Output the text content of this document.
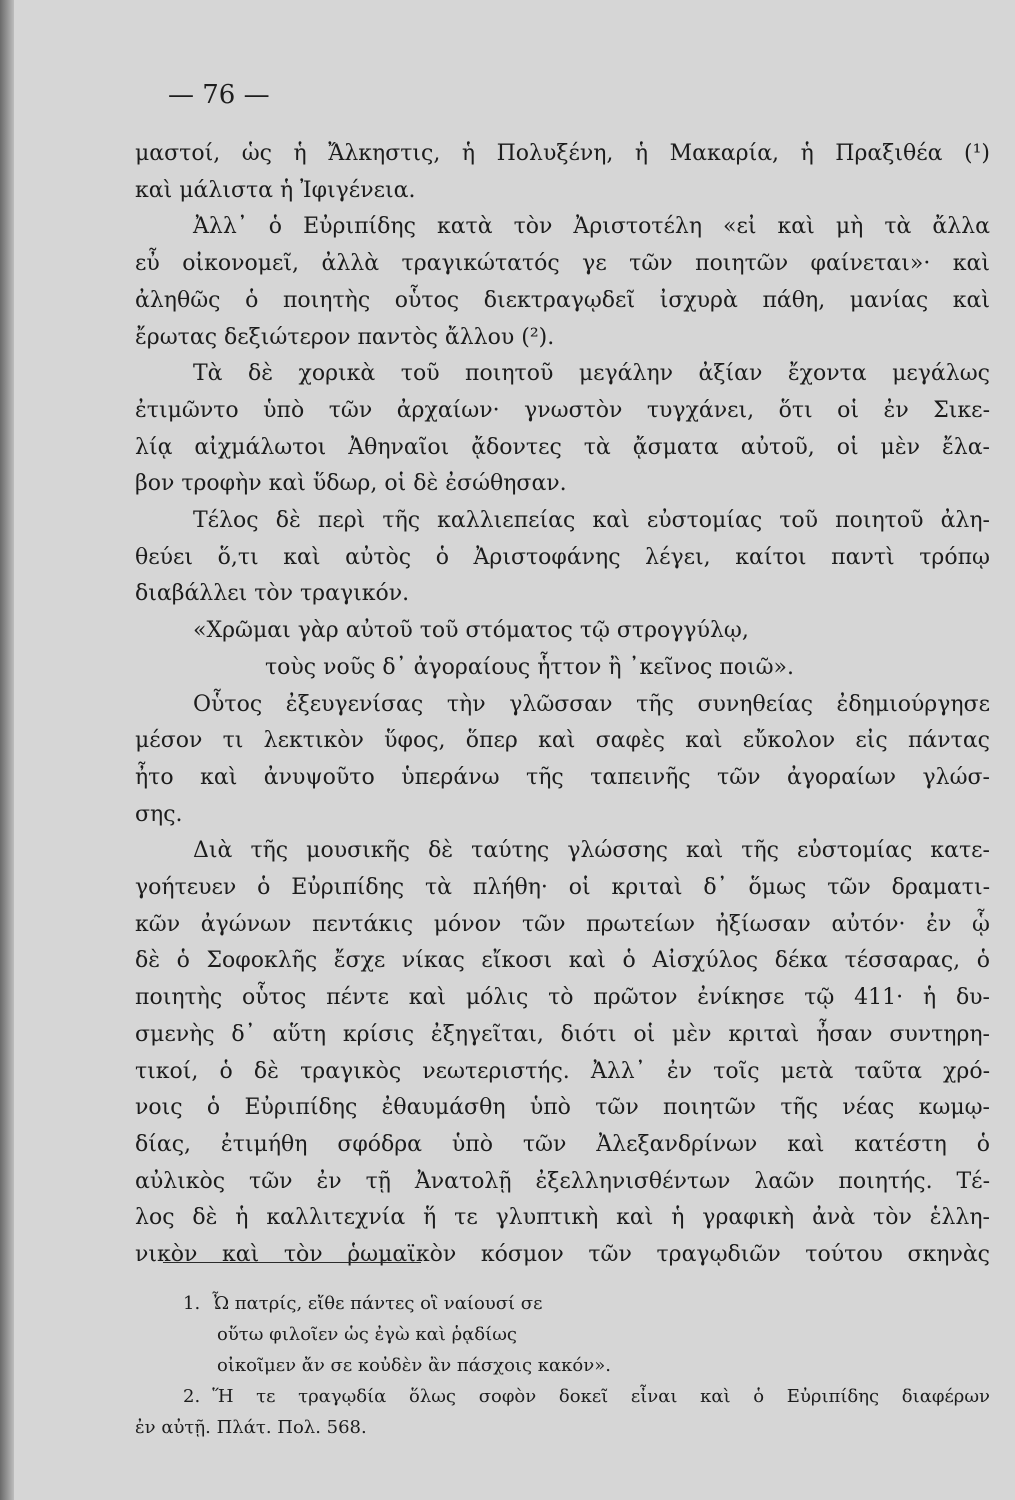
— 76 —
μαστοί, ὡς ἡ Ἄλκηστις, ἡ Πολυξένη, ἡ Μακαρία, ἡ Πραξιθέα (¹)
καὶ μάλιστα ἡ Ἰφιγένεια.
Ἀλλ᾽ ὁ Εὐριπίδης κατὰ τὸν Ἀριστοτέλη «εἰ καὶ μὴ τὰ ἄλλα
εὖ οἰκονομεῖ, ἀλλὰ τραγικώτατός γε τῶν ποιητῶν φαίνεται»· καὶ
ἀληθῶς ὁ ποιητὴς οὗτος διεκτραγῳδεῖ ἰσχυρὰ πάθη, μανίας καὶ
ἔρωτας δεξιώτερον παντὸς ἄλλου (²).
Τὰ δὲ χορικὰ τοῦ ποιητοῦ μεγάλην ἀξίαν ἔχοντα μεγάλως
ἐτιμῶντο ὑπὸ τῶν ἀρχαίων· γνωστὸν τυγχάνει, ὅτι οἱ ἐν Σικε-
λίᾳ αἰχμάλωτοι Ἀθηναῖοι ᾄδοντες τὰ ᾄσματα αὐτοῦ, οἱ μὲν ἔλα-
βον τροφὴν καὶ ὕδωρ, οἱ δὲ ἐσώθησαν.
Τέλος δὲ περὶ τῆς καλλιεπείας καὶ εὐστομίας τοῦ ποιητοῦ ἀλη-
θεύει ὅ,τι καὶ αὐτὸς ὁ Ἀριστοφάνης λέγει, καίτοι παντὶ τρόπῳ
διαβάλλει τὸν τραγικόν.
«Χρῶμαι γὰρ αὐτοῦ τοῦ στόματος τῷ στρογγύλῳ,
τοὺς νοῦς δ᾽ ἀγοραίους ἧττον ἢ ᾽κεῖνος ποιῶ».
Οὗτος ἐξευγενίσας τὴν γλῶσσαν τῆς συνηθείας ἐδημιούργησε
μέσον τι λεκτικὸν ὕφος, ὅπερ καὶ σαφὲς καὶ εὔκολον εἰς πάντας
ἦτο καὶ ἀνυψοῦτο ὑπεράνω τῆς ταπεινῆς τῶν ἀγοραίων γλώσ-
σης.
Διὰ τῆς μουσικῆς δὲ ταύτης γλώσσης καὶ τῆς εὐστομίας κατε-
γοήτευεν ὁ Εὐριπίδης τὰ πλήθη· οἱ κριταὶ δ᾽ ὅμως τῶν δραματι-
κῶν ἀγώνων πεντάκις μόνον τῶν πρωτείων ἠξίωσαν αὐτόν· ἐν ᾧ
δὲ ὁ Σοφοκλῆς ἔσχε νίκας εἴκοσι καὶ ὁ Αἰσχύλος δέκα τέσσαρας, ὁ
ποιητὴς οὗτος πέντε καὶ μόλις τὸ πρῶτον ἐνίκησε τῷ 411· ἡ δυ-
σμενὴς δ᾽ αὕτη κρίσις ἐξηγεῖται, διότι οἱ μὲν κριταὶ ἦσαν συντηρη-
τικοί, ὁ δὲ τραγικὸς νεωτεριστής. Ἀλλ᾽ ἐν τοῖς μετὰ ταῦτα χρό-
νοις ὁ Εὐριπίδης ἐθαυμάσθη ὑπὸ τῶν ποιητῶν τῆς νέας κωμῳ-
δίας, ἐτιμήθη σφόδρα ὑπὸ τῶν Ἀλεξανδρίνων καὶ κατέστη ὁ
αὐλικὸς τῶν ἐν τῇ Ἀνατολῇ ἐξελληνισθέντων λαῶν ποιητής. Τέ-
λος δὲ ἡ καλλιτεχνία ἥ τε γλυπτικὴ καὶ ἡ γραφικὴ ἀνὰ τὸν ἑλλη-
νικὸν καὶ τὸν ῥωμαϊκὸν κόσμον τῶν τραγῳδιῶν τούτου σκηνὰς
1. Ὦ πατρίς, εἴθε πάντες οἳ ναίουσί σε
οὕτω φιλοῖεν ὡς ἐγὼ καὶ ῥᾳδίως
οἰκοῖμεν ἄν σε κοὐδὲν ἂν πάσχοις κακόν».
2. Ἥ τε τραγῳδία ὅλως σοφὸν δοκεῖ εἶναι καὶ ὁ Εὐριπίδης διαφέρων
ἐν αὐτῇ. Πλάτ. Πολ. 568.
